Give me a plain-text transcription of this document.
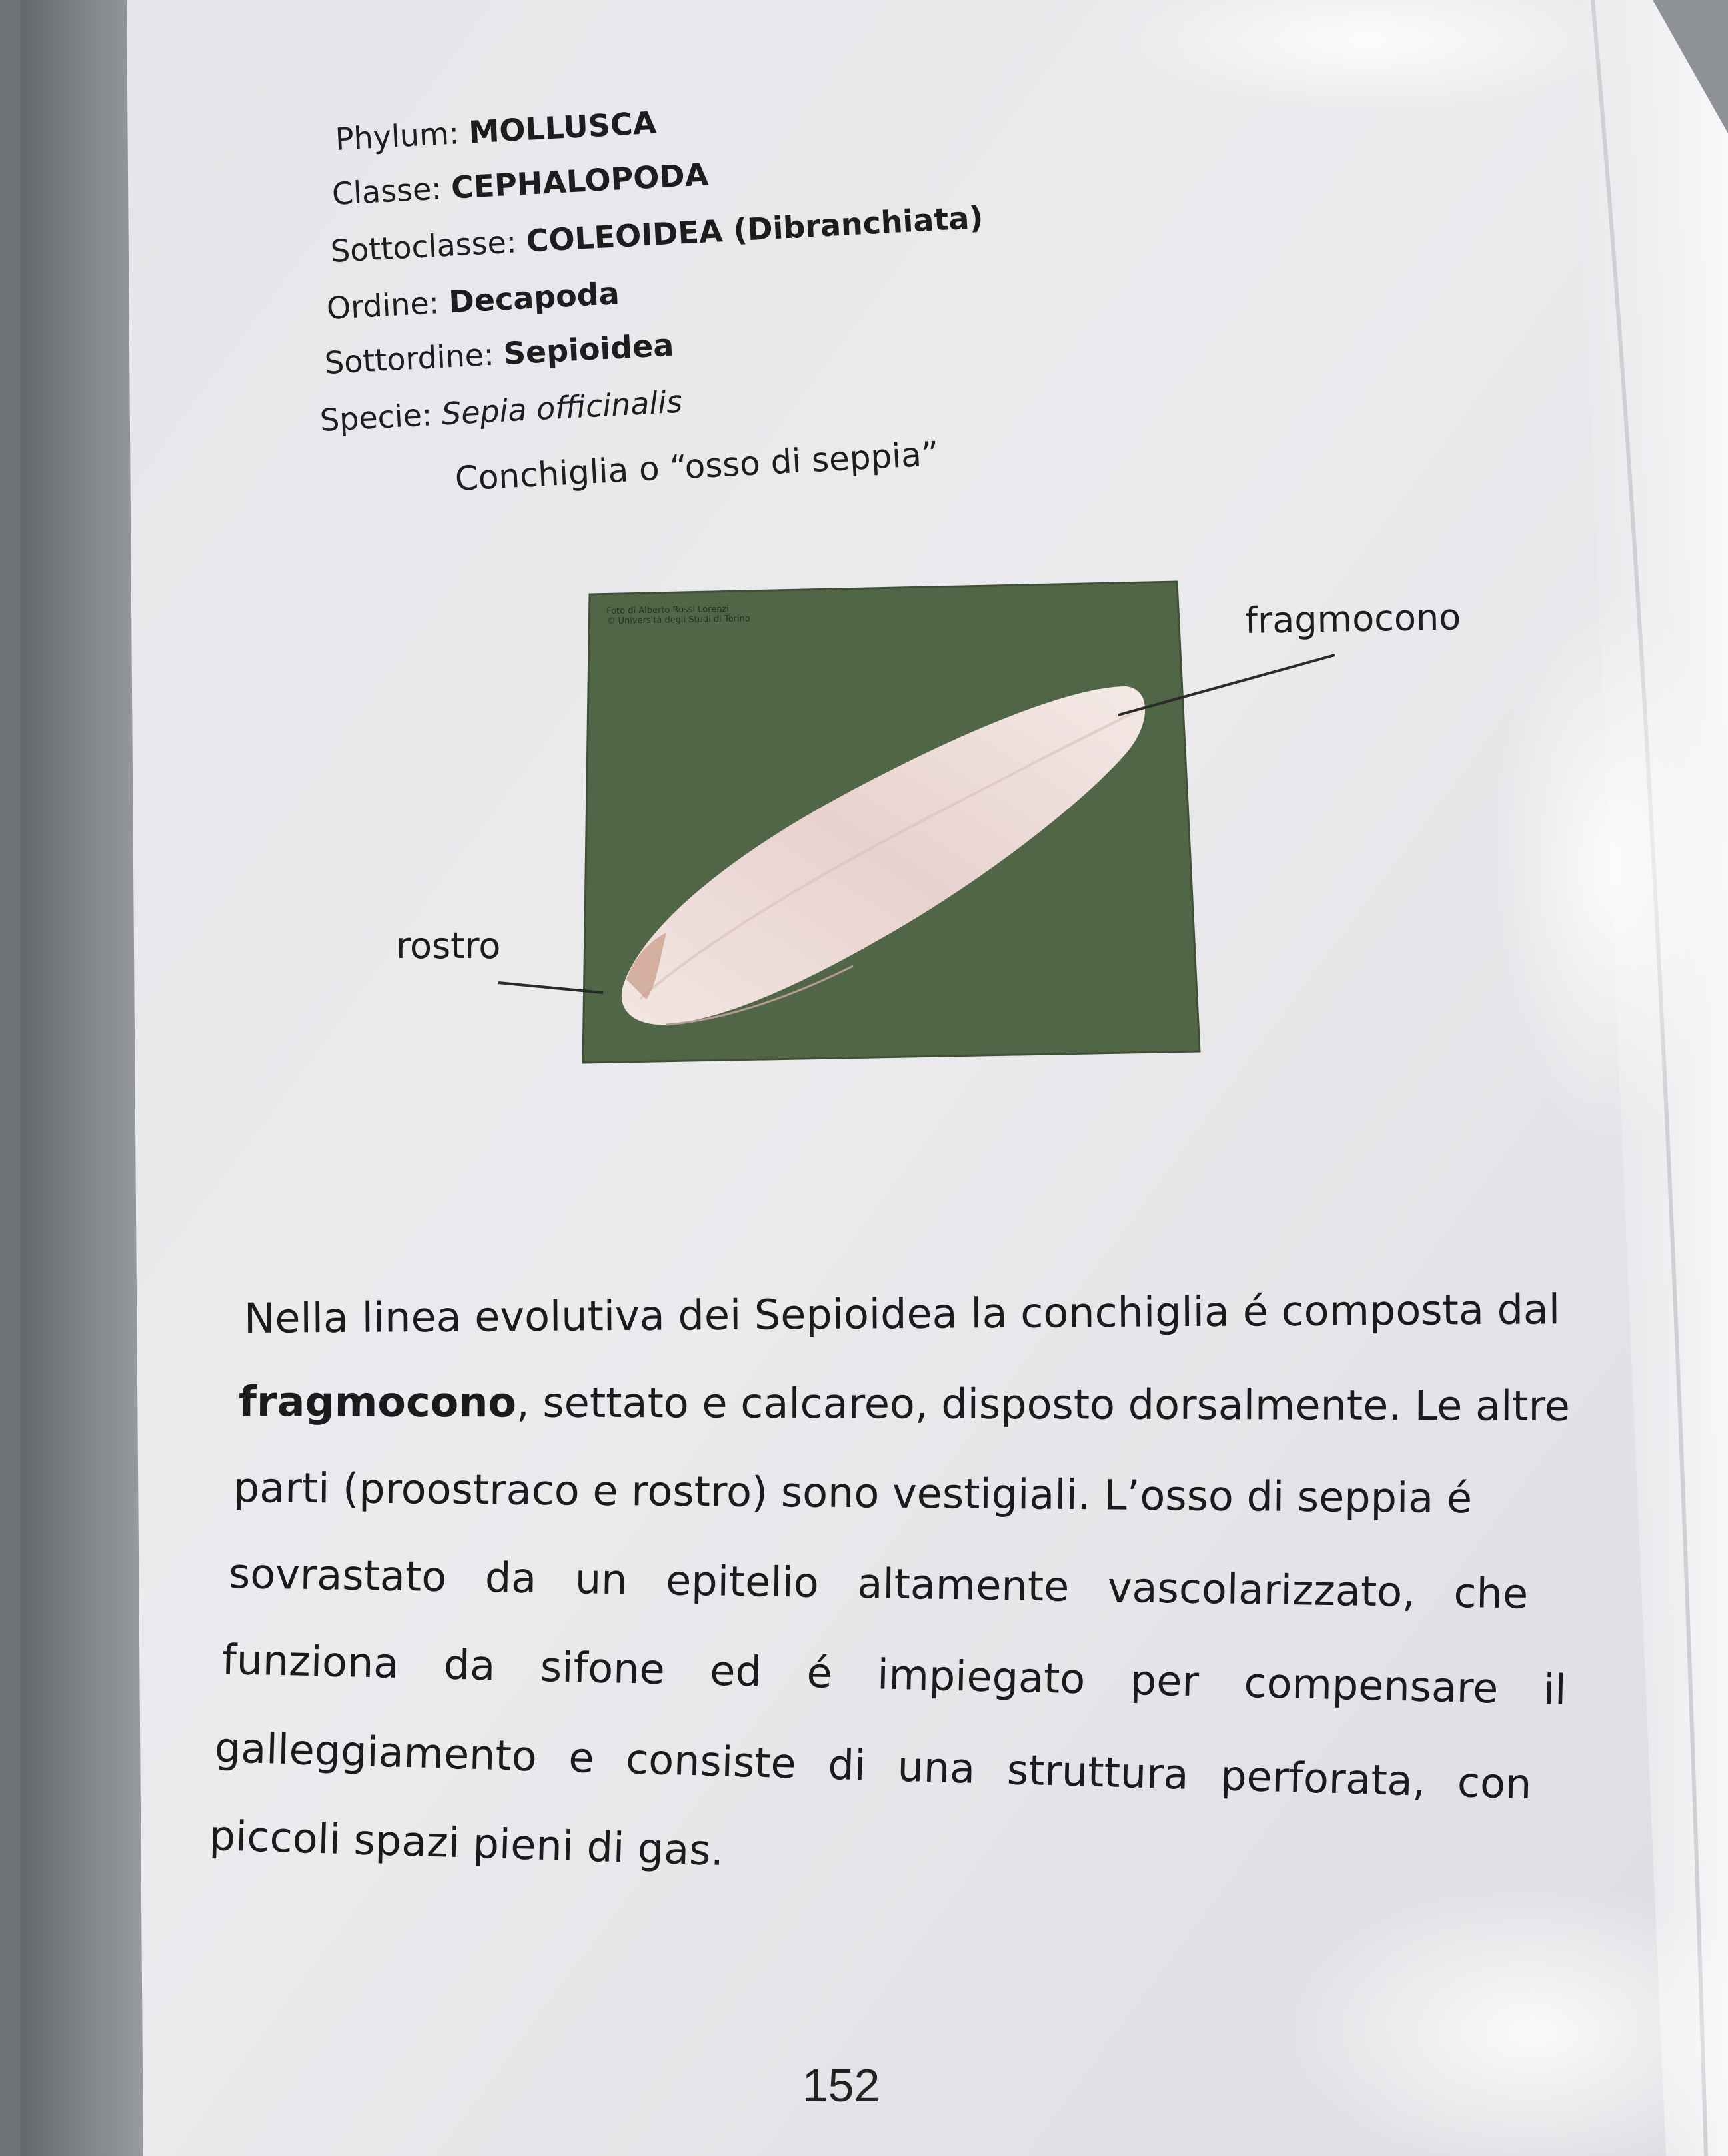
Foto di Alberto Rossi Lorenzi
© Università degli Studi di Torino
Phylum: MOLLUSCA
Classe: CEPHALOPODA
Sottoclasse: COLEOIDEA (Dibranchiata)
Ordine: Decapoda
Sottordine: Sepioidea
Specie: Sepia officinalis
Conchiglia o “osso di seppia”
fragmocono
rostro
Nella linea evolutiva dei Sepioidea la conchiglia é composta dal
fragmocono, settato e calcareo, disposto dorsalmente. Le altre
parti (proostraco e rostro) sono vestigiali. L’osso di seppia é
sovrastato da un epitelio altamente vascolarizzato, che
funziona da sifone ed é impiegato per compensare il
galleggiamento e consiste di una struttura perforata, con
piccoli spazi pieni di gas.
152
